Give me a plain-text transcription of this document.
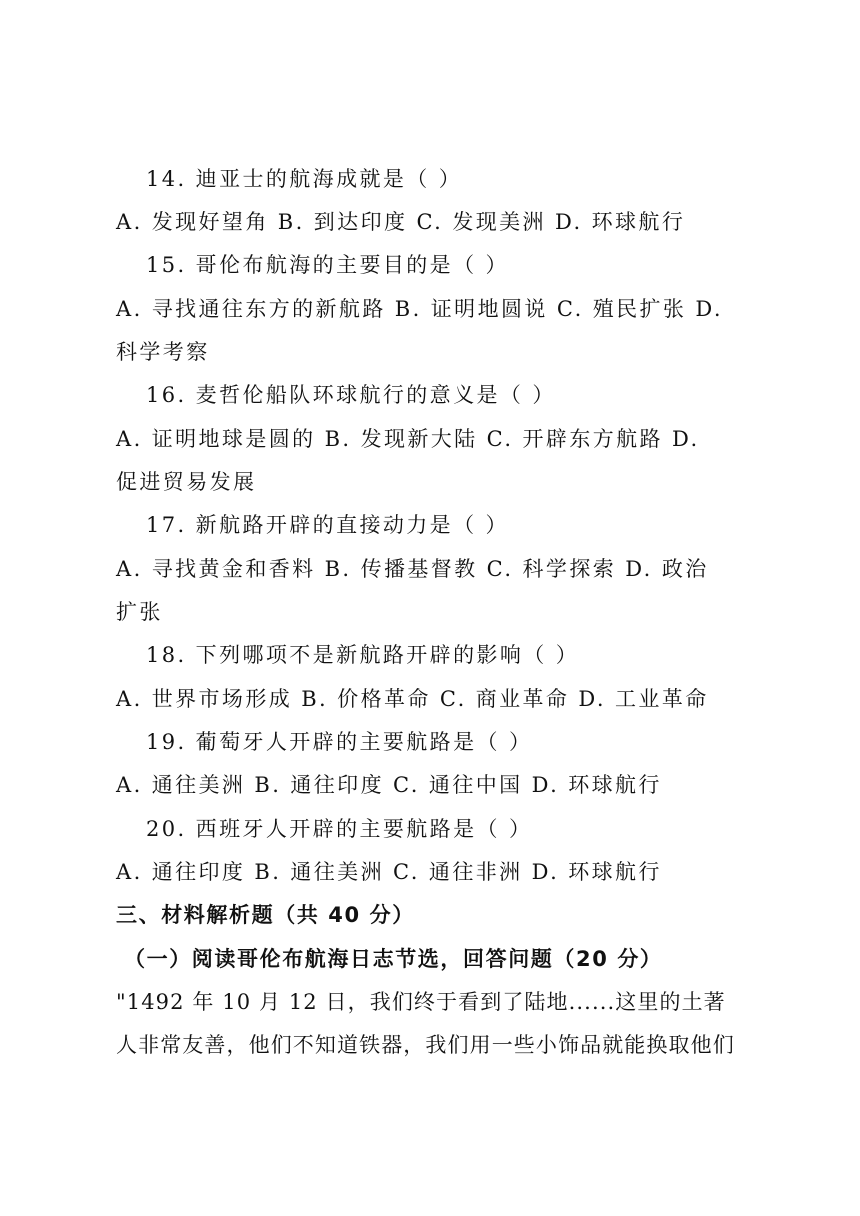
14. 迪亚士的航海成就是（ ）

A. 发现好望角 B. 到达印度 C. 发现美洲 D. 环球航行

15. 哥伦布航海的主要目的是（ ）

A. 寻找通往东方的新航路 B. 证明地圆说 C. 殖民扩张 D.

科学考察

16. 麦哲伦船队环球航行的意义是（ ）

A. 证明地球是圆的 B. 发现新大陆 C. 开辟东方航路 D.

促进贸易发展

17. 新航路开辟的直接动力是（ ）

A. 寻找黄金和香料 B. 传播基督教 C. 科学探索 D. 政治

扩张

18. 下列哪项不是新航路开辟的影响（ ）

A. 世界市场形成 B. 价格革命 C. 商业革命 D. 工业革命

19. 葡萄牙人开辟的主要航路是（ ）

A. 通往美洲 B. 通往印度 C. 通往中国 D. 环球航行

20. 西班牙人开辟的主要航路是（ ）

A. 通往印度 B. 通往美洲 C. 通往非洲 D. 环球航行

三、材料解析题（共 40 分）

（一）阅读哥伦布航海日志节选，回答问题（20 分）

"1492 年 10 月 12 日，我们终于看到了陆地......这里的土著

人非常友善，他们不知道铁器，我们用一些小饰品就能换取他们
